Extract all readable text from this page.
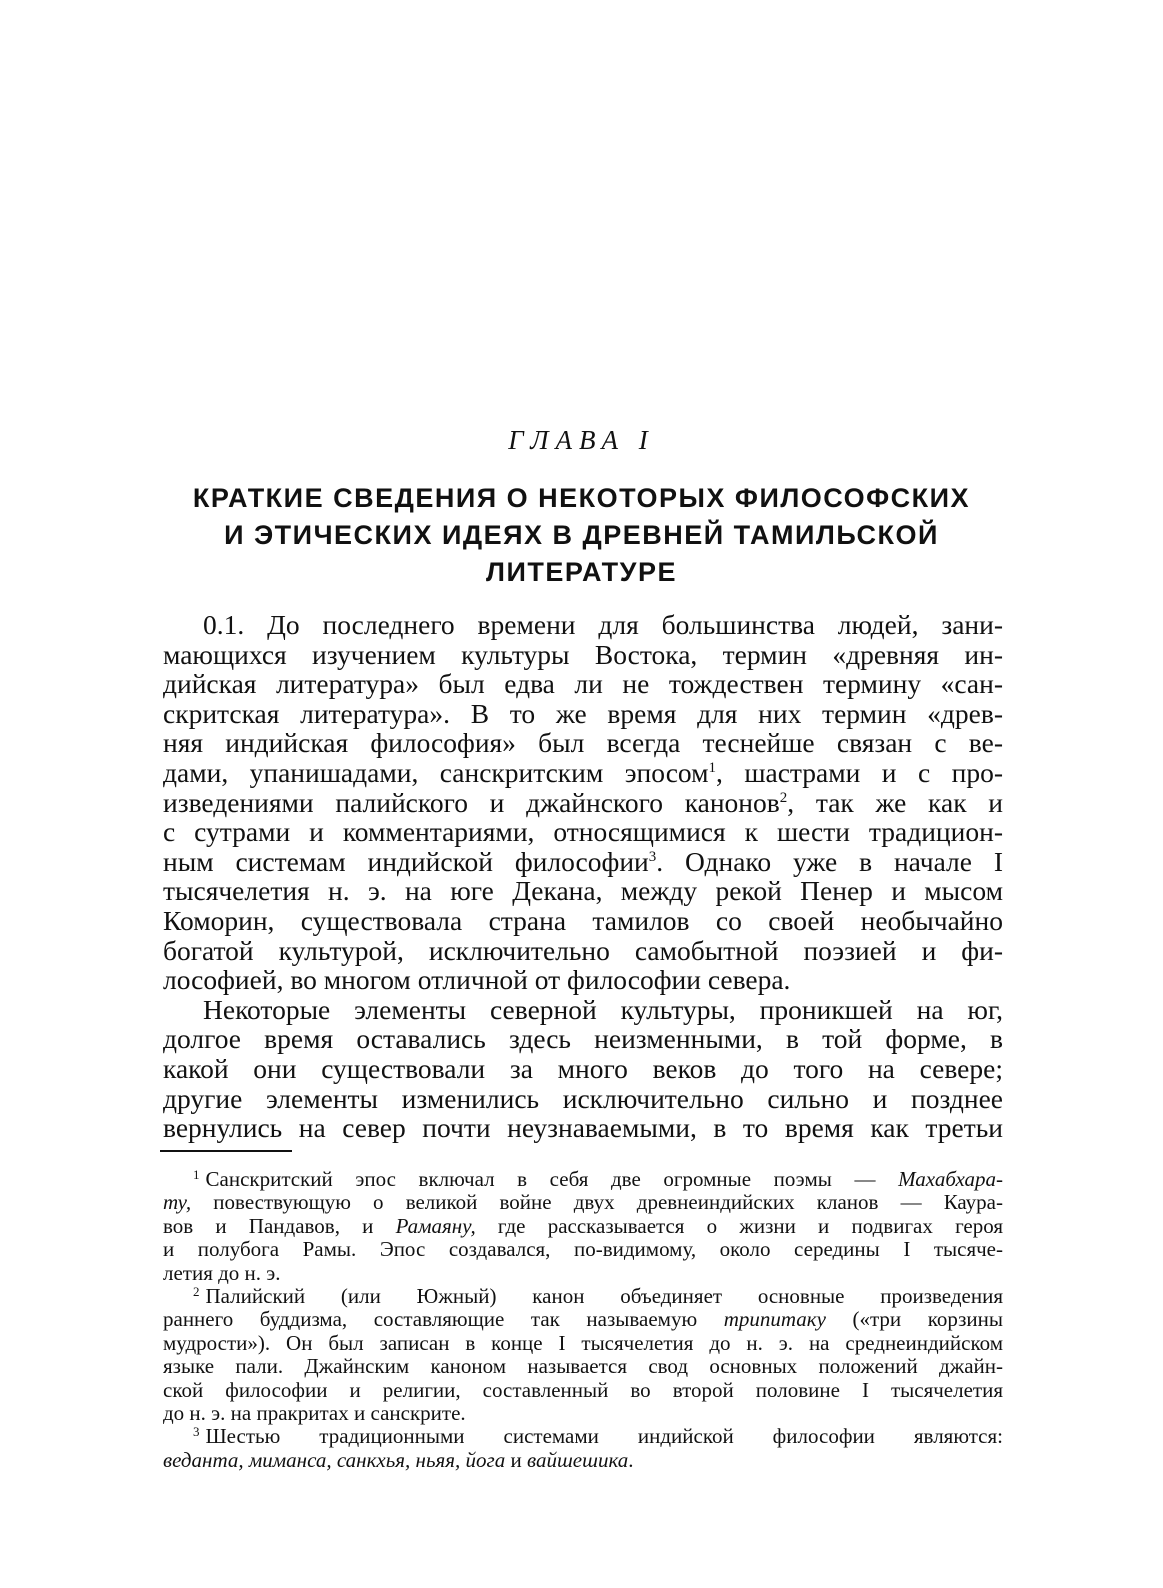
ГЛАВА I
КРАТКИЕ СВЕДЕНИЯ О НЕКОТОРЫХ ФИЛОСОФСКИХ
И ЭТИЧЕСКИХ ИДЕЯХ В ДРЕВНЕЙ ТАМИЛЬСКОЙ
ЛИТЕРАТУРЕ
0.1. До последнего времени для большинства людей, зани-
мающихся изучением культуры Востока, термин «древняя ин-
дийская литература» был едва ли не тождествен термину «сан-
скритская литература». В то же время для них термин «древ-
няя индийская философия» был всегда теснейше связан с ве-
дами, упанишадами, санскритским эпосом$^1$, шастрами и с про-
изведениями палийского и джайнского канонов$^2$, так же как и
с сутрами и комментариями, относящимися к шести традицион-
ным системам индийской философии$^3$. Однако уже в начале I
тысячелетия н. э. на юге Декана, между рекой Пенер и мысом
Коморин, существовала страна тамилов со своей необычайно
богатой культурой, исключительно самобытной поэзией и фи-
лософией, во многом отличной от философии севера.
Некоторые элементы северной культуры, проникшей на юг,
долгое время оставались здесь неизменными, в той форме, в
какой они существовали за много веков до того на севере;
другие элементы изменились исключительно сильно и позднее
вернулись на север почти неузнаваемыми, в то время как третьи
$^1$ Санскритский эпос включал в себя две огромные поэмы — Махабхара-
ту, повествующую о великой войне двух древнеиндийских кланов — Каура-
вов и Пандавов, и Рамаяну, где рассказывается о жизни и подвигах героя
и полубога Рамы. Эпос создавался, по-видимому, около середины I тысяче-
летия до н. э.
$^2$ Палийский (или Южный) канон объединяет основные произведения
раннего буддизма, составляющие так называемую трипитаку («три корзины
мудрости»). Он был записан в конце I тысячелетия до н. э. на среднеиндийском
языке пали. Джайнским каноном называется свод основных положений джайн-
ской философии и религии, составленный во второй половине I тысячелетия
до н. э. на пракритах и санскрите.
$^3$ Шестью традиционными системами индийской философии являются:
веданта, миманса, санкхья, ньяя, йога и вайшешика.
